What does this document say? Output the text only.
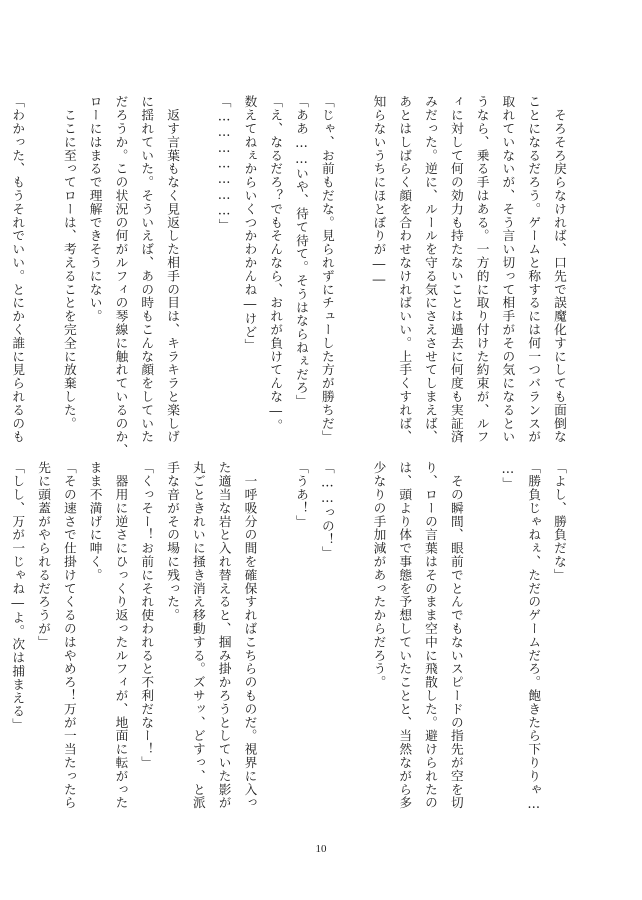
　そろそろ戻らなければ、口先で誤魔化すにしても面倒な
ことになるだろう。ゲームと称するには何一つバランスが
取れていないが、そう言い切って相手がその気になるとい
うなら、乗る手はある。一方的に取り付けた約束が、ルフ
ィに対して何の効力も持たないことは過去に何度も実証済
みだった。逆に、ルールを守る気にさえさせてしまえば、
あとはしばらく顔を合わせなければいい。上手くすれば、
知らないうちにほとぼりが――

「じゃ、お前もだな。見られずにチューした方が勝ちだ」
「ああ……いや、待て待て。そうはならねぇだろ」
「え、なるだろ？でもそんなら、おれが負けてんな―。
数えてねぇからいくつかわかんね―けど」
「…………………」

　返す言葉もなく見返した相手の目は、キラキラと楽しげ
に揺れていた。そういえば、あの時もこんな顔をしていた
だろうか。この状況の何がルフィの琴線に触れているのか、
ローにはまるで理解できそうにない。
　ここに至ってローは、考えることを完全に放棄した。

「わかった、もうそれでいい。とにかく誰に見られるのも
「よし、勝負だな」
「勝負じゃねぇ、ただのゲームだろ。飽きたら下りりゃ…
…」

　その瞬間、眼前でとんでもないスピードの指先が空を切
り、ローの言葉はそのまま空中に飛散した。避けられたの
は、頭より体で事態を予想していたことと、当然ながら多
少なりの手加減があったからだろう。

「……っの！」
「うあ！」

　一呼吸分の間を確保すればこちらのものだ。視界に入っ
た適当な岩と入れ替えると、掴み掛かろうとしていた影が
丸ごときれいに掻き消え移動する。ズサッ、どすっ、と派
手な音がその場に残った。
「くっそー！お前にそれ使われると不利だなー！」
　器用に逆さにひっくり返ったルフィが、地面に転がった
まま不満げに呻く。
「その速さで仕掛けてくるのはやめろ！万が一当たったら
先に頭蓋がやられるだろうが」
「しし、万が一じゃね―よ。次は捕まえる」
10
